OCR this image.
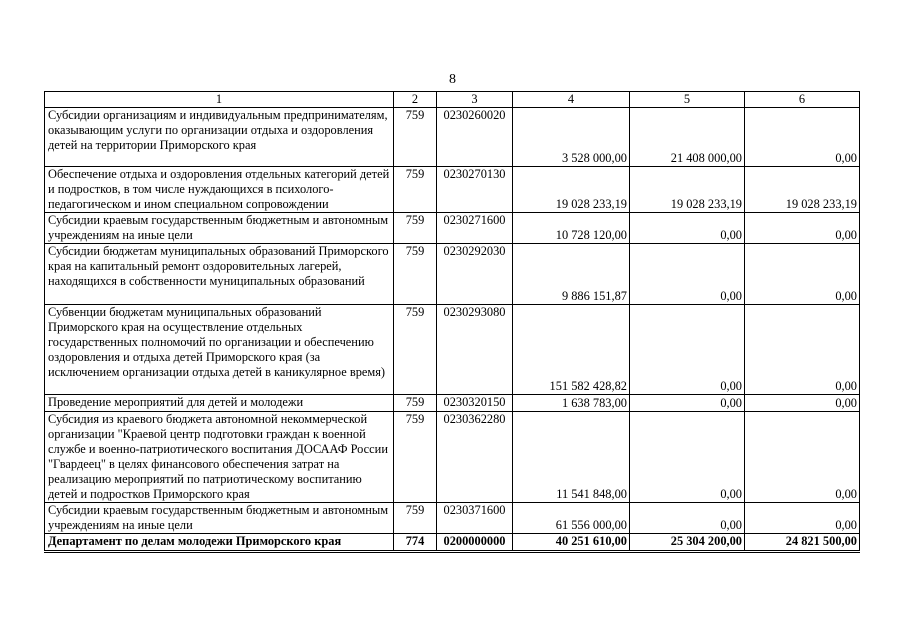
8
1	2	3	4	5	6
Субсидии организациям и индивидуальным предпринимателям, оказывающим услуги по организации отдыха и оздоровления детей на территории Приморского края	759	0230260020	3 528 000,00	21 408 000,00	0,00
Обеспечение отдыха и оздоровления отдельных категорий детей и подростков, в том числе нуждающихся в психолого-педагогическом и ином специальном сопровождении	759	0230270130	19 028 233,19	19 028 233,19	19 028 233,19
Субсидии краевым государственным бюджетным и автономным учреждениям на иные цели	759	0230271600	10 728 120,00	0,00	0,00
Субсидии бюджетам муниципальных образований Приморского края на капитальный ремонт оздоровительных лагерей, находящихся в собственности муниципальных образований	759	0230292030	9 886 151,87	0,00	0,00
Субвенции бюджетам муниципальных образований Приморского края на осуществление отдельных государственных полномочий по организации и обеспечению оздоровления и отдыха детей Приморского края (за исключением организации отдыха детей в каникулярное время)	759	0230293080	151 582 428,82	0,00	0,00
Проведение мероприятий для детей и молодежи	759	0230320150	1 638 783,00	0,00	0,00
Субсидия из краевого бюджета автономной некоммерческой организации "Краевой центр подготовки граждан к военной службе и военно-патриотического воспитания ДОСААФ России "Гвардеец" в целях финансового обеспечения затрат на реализацию мероприятий по патриотическому воспитанию детей и подростков Приморского края	759	0230362280	11 541 848,00	0,00	0,00
Субсидии краевым государственным бюджетным и автономным учреждениям на иные цели	759	0230371600	61 556 000,00	0,00	0,00
Департамент по делам молодежи Приморского края	774	0200000000	40 251 610,00	25 304 200,00	24 821 500,00
